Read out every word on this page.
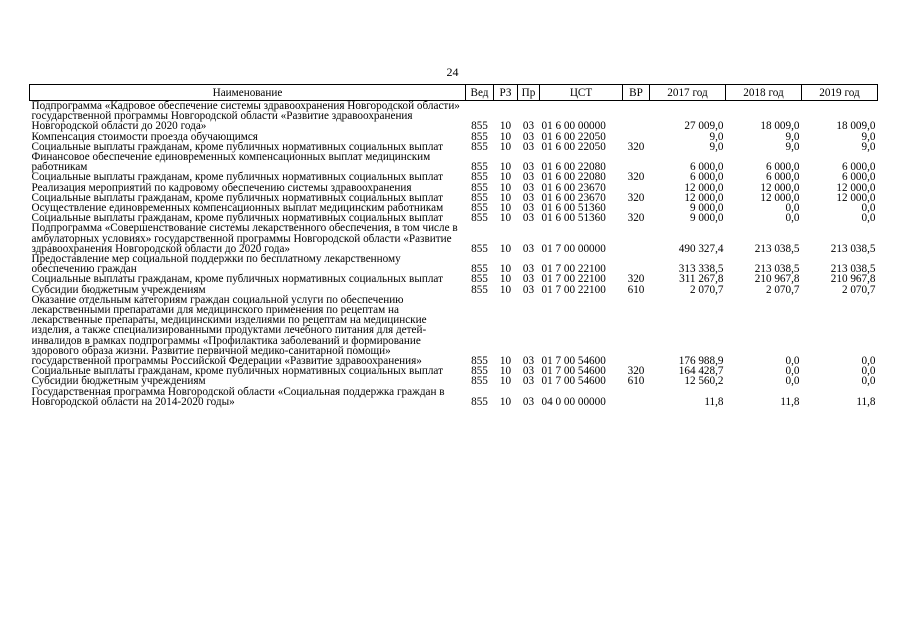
24
Наименование	Вед	РЗ	Пр	ЦСТ	ВР	2017 год	2018 год	2019 год
Подпрограмма «Кадровое обеспечение системы здравоохранения Новгородской области» государственной программы Новгородской области «Развитие здравоохранения Новгородской области до 2020 года»	855	10	03	01 6 00 00000		27 009,0	18 009,0	18 009,0
Компенсация стоимости проезда обучающимся	855	10	03	01 6 00 22050		9,0	9,0	9,0
Социальные выплаты гражданам, кроме публичных нормативных социальных выплат	855	10	03	01 6 00 22050	320	9,0	9,0	9,0
Финансовое обеспечение единовременных компенсационных выплат медицинским работникам	855	10	03	01 6 00 22080		6 000,0	6 000,0	6 000,0
Социальные выплаты гражданам, кроме публичных нормативных социальных выплат	855	10	03	01 6 00 22080	320	6 000,0	6 000,0	6 000,0
Реализация мероприятий по кадровому обеспечению системы здравоохранения	855	10	03	01 6 00 23670		12 000,0	12 000,0	12 000,0
Социальные выплаты гражданам, кроме публичных нормативных социальных выплат	855	10	03	01 6 00 23670	320	12 000,0	12 000,0	12 000,0
Осуществление единовременных компенсационных выплат медицинским работникам	855	10	03	01 6 00 51360		9 000,0	0,0	0,0
Социальные выплаты гражданам, кроме публичных нормативных социальных выплат	855	10	03	01 6 00 51360	320	9 000,0	0,0	0,0
Подпрограмма «Совершенствование системы лекарственного обеспечения, в том числе в амбулаторных условиях» государственной программы Новгородской области «Развитие здравоохранения Новгородской области до 2020 года»	855	10	03	01 7 00 00000		490 327,4	213 038,5	213 038,5
Предоставление мер социальной поддержки по бесплатному лекарственному обеспечению граждан	855	10	03	01 7 00 22100		313 338,5	213 038,5	213 038,5
Социальные выплаты гражданам, кроме публичных нормативных социальных выплат	855	10	03	01 7 00 22100	320	311 267,8	210 967,8	210 967,8
Субсидии бюджетным учреждениям	855	10	03	01 7 00 22100	610	2 070,7	2 070,7	2 070,7
Оказание отдельным категориям граждан социальной услуги по обеспечению лекарственными препаратами для медицинского применения по рецептам на лекарственные препараты, медицинскими изделиями по рецептам на медицинские изделия, а также специализированными продуктами лечебного питания для детей-инвалидов в рамках подпрограммы «Профилактика заболеваний и формирование здорового образа жизни. Развитие первичной медико-санитарной помощи» государственной программы Российской Федерации «Развитие здравоохранения»	855	10	03	01 7 00 54600		176 988,9	0,0	0,0
Социальные выплаты гражданам, кроме публичных нормативных социальных выплат	855	10	03	01 7 00 54600	320	164 428,7	0,0	0,0
Субсидии бюджетным учреждениям	855	10	03	01 7 00 54600	610	12 560,2	0,0	0,0
Государственная программа Новгородской области «Социальная поддержка граждан в Новгородской области на 2014-2020 годы»	855	10	03	04 0 00 00000		11,8	11,8	11,8
